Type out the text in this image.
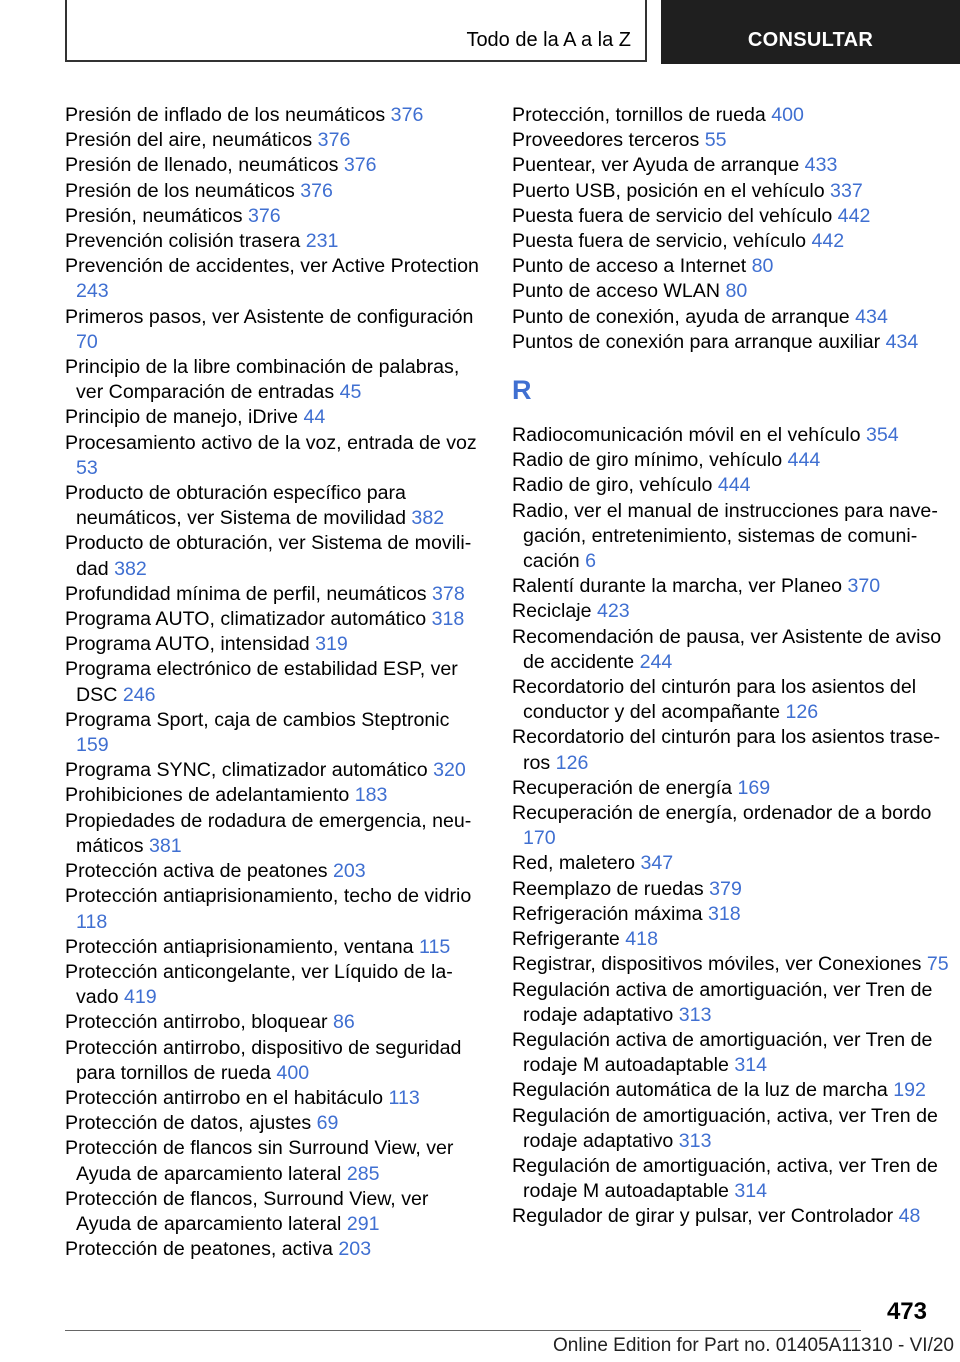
Todo de la A a la Z	CONSULTAR
Presión de inflado de los neumáticos 376
Presión del aire, neumáticos 376
Presión de llenado, neumáticos 376
Presión de los neumáticos 376
Presión, neumáticos 376
Prevención colisión trasera 231
Prevención de accidentes, ver Active Protection 243
Primeros pasos, ver Asistente de configuración 70
Principio de la libre combinación de palabras, ver Comparación de entradas 45
Principio de manejo, iDrive 44
Procesamiento activo de la voz, entrada de voz 53
Producto de obturación específico para neumáticos, ver Sistema de movilidad 382
Producto de obturación, ver Sistema de movilidad 382
Profundidad mínima de perfil, neumáticos 378
Programa AUTO, climatizador automático 318
Programa AUTO, intensidad 319
Programa electrónico de estabilidad ESP, ver DSC 246
Programa Sport, caja de cambios Steptronic 159
Programa SYNC, climatizador automático 320
Prohibiciones de adelantamiento 183
Propiedades de rodadura de emergencia, neumáticos 381
Protección activa de peatones 203
Protección antiaprisionamiento, techo de vidrio 118
Protección antiaprisionamiento, ventana 115
Protección anticongelante, ver Líquido de lavado 419
Protección antirrobo, bloquear 86
Protección antirrobo, dispositivo de seguridad para tornillos de rueda 400
Protección antirrobo en el habitáculo 113
Protección de datos, ajustes 69
Protección de flancos sin Surround View, ver Ayuda de aparcamiento lateral 285
Protección de flancos, Surround View, ver Ayuda de aparcamiento lateral 291
Protección de peatones, activa 203
Protección, tornillos de rueda 400
Proveedores terceros 55
Puentear, ver Ayuda de arranque 433
Puerto USB, posición en el vehículo 337
Puesta fuera de servicio del vehículo 442
Puesta fuera de servicio, vehículo 442
Punto de acceso a Internet 80
Punto de acceso WLAN 80
Punto de conexión, ayuda de arranque 434
Puntos de conexión para arranque auxiliar 434
R
Radiocomunicación móvil en el vehículo 354
Radio de giro mínimo, vehículo 444
Radio de giro, vehículo 444
Radio, ver el manual de instrucciones para navegación, entretenimiento, sistemas de comunicación 6
Ralentí durante la marcha, ver Planeo 370
Reciclaje 423
Recomendación de pausa, ver Asistente de aviso de accidente 244
Recordatorio del cinturón para los asientos del conductor y del acompañante 126
Recordatorio del cinturón para los asientos traseros 126
Recuperación de energía 169
Recuperación de energía, ordenador de a bordo 170
Red, maletero 347
Reemplazo de ruedas 379
Refrigeración máxima 318
Refrigerante 418
Registrar, dispositivos móviles, ver Conexiones 75
Regulación activa de amortiguación, ver Tren de rodaje adaptativo 313
Regulación activa de amortiguación, ver Tren de rodaje M autoadaptable 314
Regulación automática de la luz de marcha 192
Regulación de amortiguación, activa, ver Tren de rodaje adaptativo 313
Regulación de amortiguación, activa, ver Tren de rodaje M autoadaptable 314
Regulador de girar y pulsar, ver Controlador 48
473
Online Edition for Part no. 01405A11310 - VI/20
